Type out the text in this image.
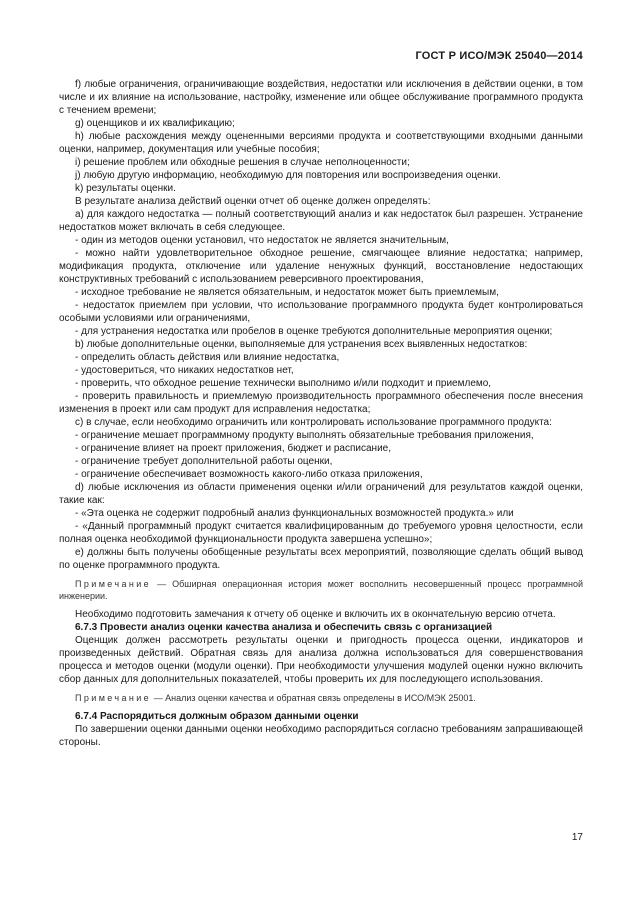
ГОСТ Р ИСО/МЭК 25040—2014
f) любые ограничения, ограничивающие воздействия, недостатки или исключения в действии оценки, в том числе и их влияние на использование, настройку, изменение или общее обслуживание программного продукта с течением времени;
g) оценщиков и их квалификацию;
h) любые расхождения между оцененными версиями продукта и соответствующими входными данными оценки, например, документация или учебные пособия;
i) решение проблем или обходные решения в случае неполноценности;
j) любую другую информацию, необходимую для повторения или воспроизведения оценки.
k) результаты оценки.
В результате анализа действий оценки отчет об оценке должен определять:
а) для каждого недостатка — полный соответствующий анализ и как недостаток был разрешен. Устранение недостатков может включать в себя следующее.
- один из методов оценки установил, что недостаток не является значительным,
- можно найти удовлетворительное обходное решение, смягчающее влияние недостатка; например, модификация продукта, отключение или удаление ненужных функций, восстановление недостающих конструктивных требований с использованием реверсивного проектирования,
- исходное требование не является обязательным, и недостаток может быть приемлемым,
- недостаток приемлем при условии, что использование программного продукта будет контролироваться особыми условиями или ограничениями,
- для устранения недостатка или пробелов в оценке требуются дополнительные мероприятия оценки;
b) любые дополнительные оценки, выполняемые для устранения всех выявленных недостатков:
- определить область действия или влияние недостатка,
- удостовериться, что никаких недостатков нет,
- проверить, что обходное решение технически выполнимо и/или подходит и приемлемо,
- проверить правильность и приемлемую производительность программного обеспечения после внесения изменения в проект или сам продукт для исправления недостатка;
с) в случае, если необходимо ограничить или контролировать использование программного продукта:
- ограничение мешает программному продукту выполнять обязательные требования приложения,
- ограничение влияет на проект приложения, бюджет и расписание,
- ограничение требует дополнительной работы оценки,
- ограничение обеспечивает возможность какого-либо отказа приложения,
d) любые исключения из области применения оценки и/или ограничений для результатов каждой оценки, такие как:
- «Эта оценка не содержит подробный анализ функциональных возможностей продукта.» или
- «Данный программный продукт считается квалифицированным до требуемого уровня целостности, если полная оценка необходимой функциональности продукта завершена успешно»;
е) должны быть получены обобщенные результаты всех мероприятий, позволяющие сделать общий вывод по оценке программного продукта.
Примечание — Обширная операционная история может восполнить несовершенный процесс программной инженерии.
Необходимо подготовить замечания к отчету об оценке и включить их в окончательную версию отчета.
6.7.3 Провести анализ оценки качества анализа и обеспечить связь с организацией
Оценщик должен рассмотреть результаты оценки и пригодность процесса оценки, индикаторов и произведенных действий. Обратная связь для анализа должна использоваться для совершенствования процесса и методов оценки (модули оценки). При необходимости улучшения модулей оценки нужно включить сбор данных для дополнительных показателей, чтобы проверить их для последующего использования.
Примечание — Анализ оценки качества и обратная связь определены в ИСО/МЭК 25001.
6.7.4 Распорядиться должным образом данными оценки
По завершении оценки данными оценки необходимо распорядиться согласно требованиям запрашивающей стороны.
17
